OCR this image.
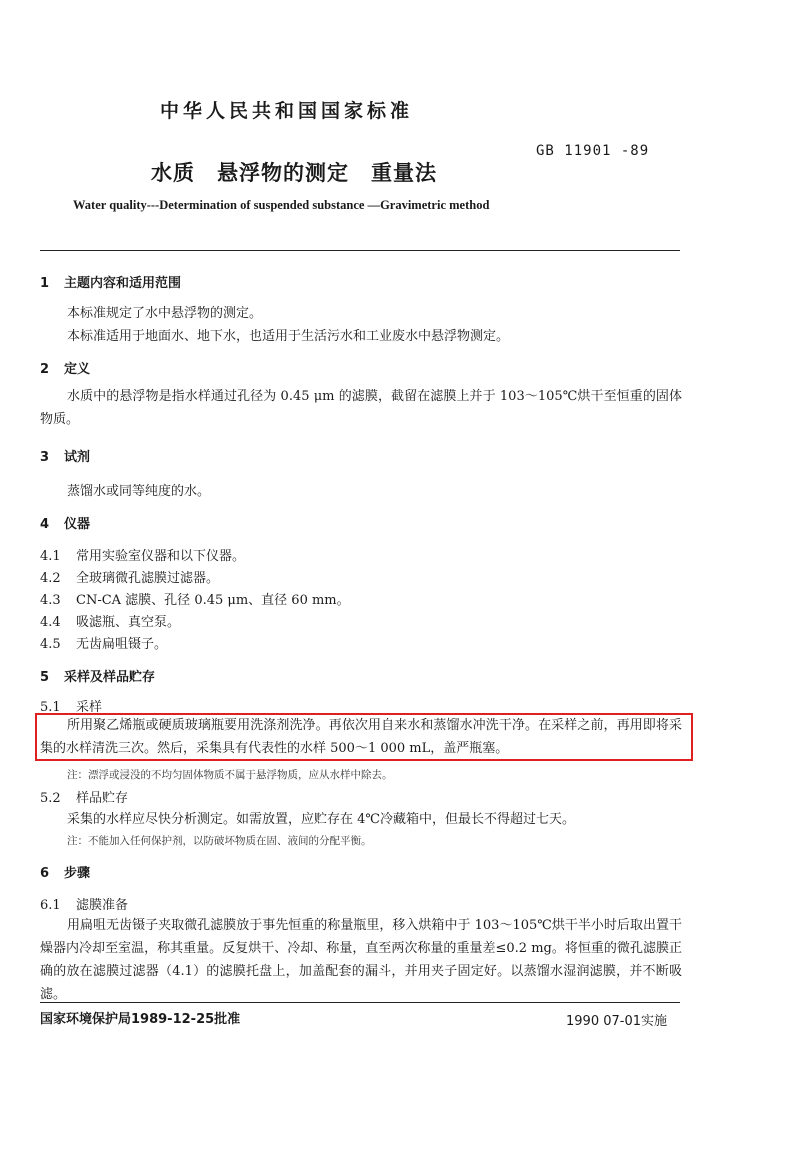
中华人民共和国国家标准
GB 11901 -89
水质　悬浮物的测定　重量法
Water quality---Determination of suspended substance —Gravimetric method
1 主题内容和适用范围
本标准规定了水中悬浮物的测定。
本标准适用于地面水、地下水，也适用于生活污水和工业废水中悬浮物测定。
2 定义
水质中的悬浮物是指水样通过孔径为 0.45 μm 的滤膜，截留在滤膜上并于 103～105℃烘干至恒重的固体物质。
3 试剂
蒸馏水或同等纯度的水。
4 仪器
4.1 常用实验室仪器和以下仪器。
4.2 全玻璃微孔滤膜过滤器。
4.3 CN-CA 滤膜、孔径 0.45 μm、直径 60 mm。
4.4 吸滤瓶、真空泵。
4.5 无齿扁咀镊子。
5 采样及样品贮存
5.1 采样
所用聚乙烯瓶或硬质玻璃瓶要用洗涤剂洗净。再依次用自来水和蒸馏水冲洗干净。在采样之前，再用即将采集的水样清洗三次。然后，采集具有代表性的水样 500～1 000 mL，盖严瓶塞。
注：漂浮或浸没的不均匀固体物质不属于悬浮物质，应从水样中除去。
5.2 样品贮存
采集的水样应尽快分析测定。如需放置，应贮存在 4℃冷藏箱中，但最长不得超过七天。
注：不能加入任何保护剂，以防破坏物质在固、液间的分配平衡。
6 步骤
6.1 滤膜准备
用扁咀无齿镊子夹取微孔滤膜放于事先恒重的称量瓶里，移入烘箱中于 103～105℃烘干半小时后取出置干燥器内冷却至室温，称其重量。反复烘干、冷却、称量，直至两次称量的重量差≤0.2 mg。将恒重的微孔滤膜正确的放在滤膜过滤器（4.1）的滤膜托盘上，加盖配套的漏斗，并用夹子固定好。以蒸馏水湿润滤膜，并不断吸滤。
国家环境保护局1989-12-25批准	1990 07-01实施
